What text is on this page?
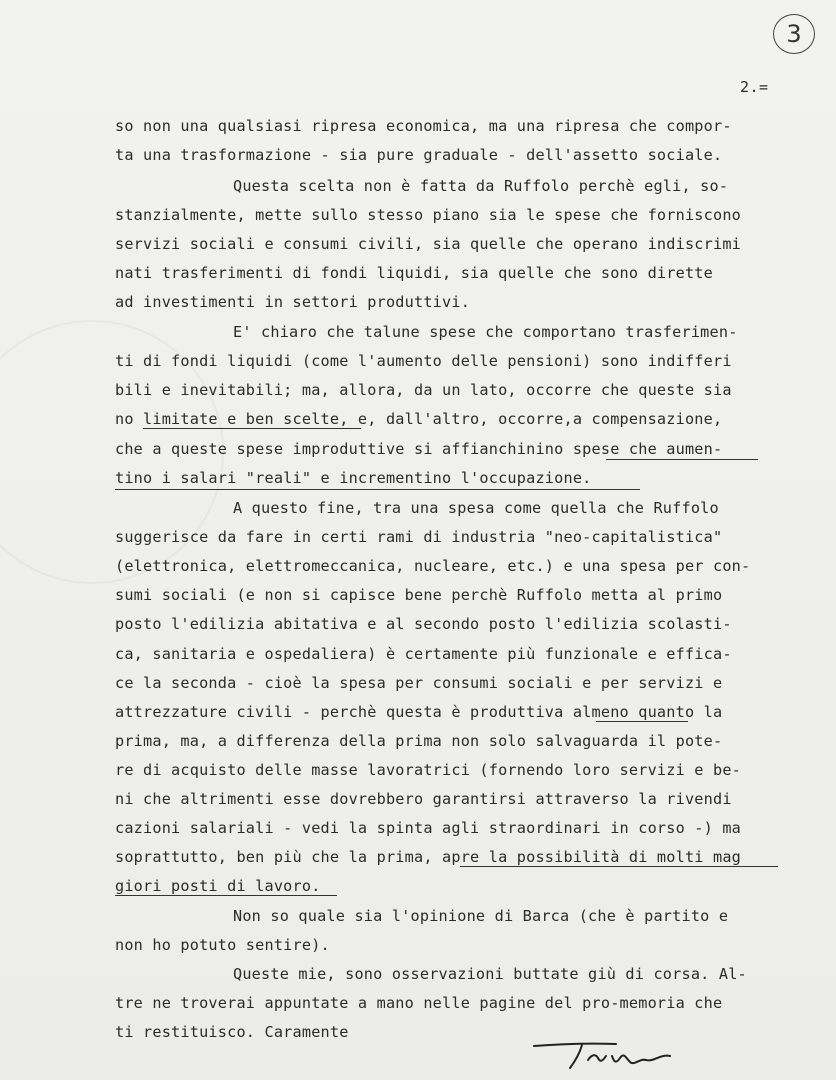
3
2.=
so non una qualsiasi ripresa economica, ma una ripresa che compor-
ta una trasformazione - sia pure graduale - dell'assetto sociale.
Questa scelta non è fatta da Ruffolo perchè egli, so-
stanzialmente, mette sullo stesso piano sia le spese che forniscono
servizi sociali e consumi civili, sia quelle che operano indiscrimi
nati trasferimenti di fondi liquidi, sia quelle che sono dirette
ad investimenti in settori produttivi.
E' chiaro che talune spese che comportano trasferimen-
ti di fondi liquidi (come l'aumento delle pensioni) sono indifferi
bili e inevitabili; ma, allora, da un lato, occorre che queste sia
no limitate e ben scelte, e, dall'altro, occorre,a compensazione,
che a queste spese improduttive si affianchinino spese che aumen-
tino i salari "reali" e incrementino l'occupazione.
A questo fine, tra una spesa come quella che Ruffolo
suggerisce da fare in certi rami di industria "neo-capitalistica"
(elettronica, elettromeccanica, nucleare, etc.) e una spesa per con-
sumi sociali (e non si capisce bene perchè Ruffolo metta al primo
posto l'edilizia abitativa e al secondo posto l'edilizia scolasti-
ca, sanitaria e ospedaliera) è certamente più funzionale e effica-
ce la seconda - cioè la spesa per consumi sociali e per servizi e
attrezzature civili - perchè questa è produttiva almeno quanto la
prima, ma, a differenza della prima non solo salvaguarda il pote-
re di acquisto delle masse lavoratrici (fornendo loro servizi e be-
ni che altrimenti esse dovrebbero garantirsi attraverso la rivendi
cazioni salariali - vedi la spinta agli straordinari in corso -) ma
soprattutto, ben più che la prima, apre la possibilità di molti mag
giori posti di lavoro.
Non so quale sia l'opinione di Barca (che è partito e
non ho potuto sentire).
Queste mie, sono osservazioni buttate giù di corsa. Al-
tre ne troverai appuntate a mano nelle pagine del pro-memoria che
ti restituisco. Caramente
